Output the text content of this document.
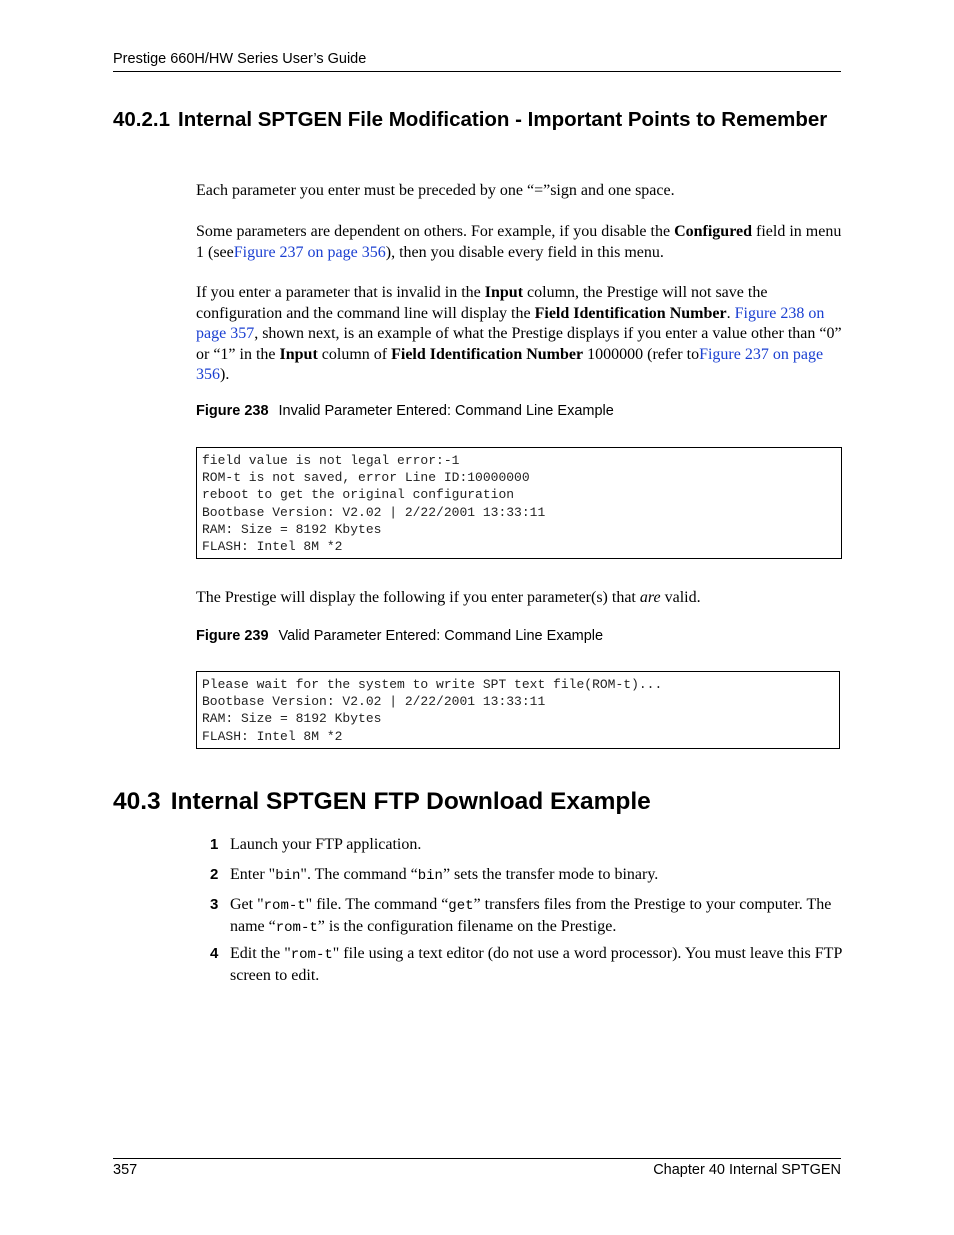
Prestige 660H/HW Series User’s Guide
40.2.1 Internal SPTGEN File Modification - Important Points to Remember
Each parameter you enter must be preceded by one “=”sign and one space.
Some parameters are dependent on others. For example, if you disable the Configured field in menu 1 (seeFigure 237 on page 356), then you disable every field in this menu.
If you enter a parameter that is invalid in the Input column, the Prestige will not save the configuration and the command line will display the Field Identification Number. Figure 238 on page 357, shown next, is an example of what the Prestige displays if you enter a value other than “0” or “1” in the Input column of Field Identification Number 1000000 (refer toFigure 237 on page 356).
Figure 238 Invalid Parameter Entered: Command Line Example
field value is not legal error:-1
ROM-t is not saved, error Line ID:10000000
reboot to get the original configuration
Bootbase Version: V2.02 | 2/22/2001 13:33:11
RAM: Size = 8192 Kbytes
FLASH: Intel 8M *2
The Prestige will display the following if you enter parameter(s) that are valid.
Figure 239 Valid Parameter Entered: Command Line Example
Please wait for the system to write SPT text file(ROM-t)...
Bootbase Version: V2.02 | 2/22/2001 13:33:11
RAM: Size = 8192 Kbytes
FLASH: Intel 8M *2
40.3 Internal SPTGEN FTP Download Example
1 Launch your FTP application.
2 Enter "bin". The command “bin” sets the transfer mode to binary.
3 Get "rom-t" file. The command “get” transfers files from the Prestige to your computer. The name “rom-t” is the configuration filename on the Prestige.
4 Edit the "rom-t" file using a text editor (do not use a word processor). You must leave this FTP screen to edit.
357	Chapter 40 Internal SPTGEN
